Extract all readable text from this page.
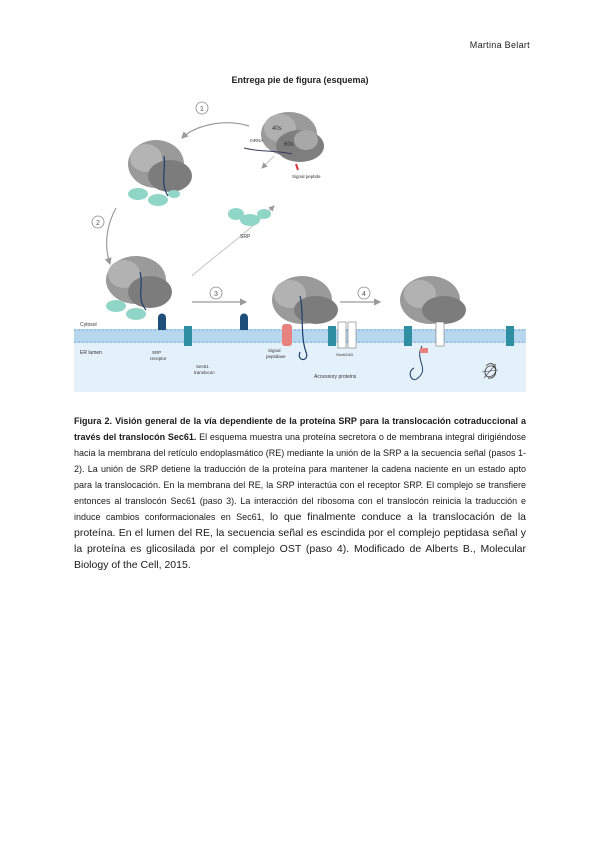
Martina Belart
Entrega pie de figura (esquema)
1
2
3	4
40s
60s
mRNA
Signal peptide
SRP
Cytosol
ER lumen	SRP
receptor
Sec61
translocon
Signal
peptidase	Sec62/63
Accessory proteins
Figura 2. Visión general de la vía dependiente de la proteína SRP para la translocación cotraduccional a través del translocón Sec61. El esquema muestra una proteína secretora o de membrana integral dirigiéndose hacia la membrana del retículo endoplasmático (RE) mediante la unión de la SRP a la secuencia señal (pasos 1-2). La unión de SRP detiene la traducción de la proteína para mantener la cadena naciente en un estado apto para la translocación. En la membrana del RE, la SRP interactúa con el receptor SRP. El complejo se transfiere entonces al translocón Sec61 (paso 3). La interacción del ribosoma con el translocón reinicia la traducción e induce cambios conformacionales en Sec61, lo que finalmente conduce a la translocación de la proteína. En el lumen del RE, la secuencia señal es escindida por el complejo peptidasa señal y la proteína es glicosilada por el complejo OST (paso 4). Modificado de Alberts B., Molecular Biology of the Cell, 2015.
